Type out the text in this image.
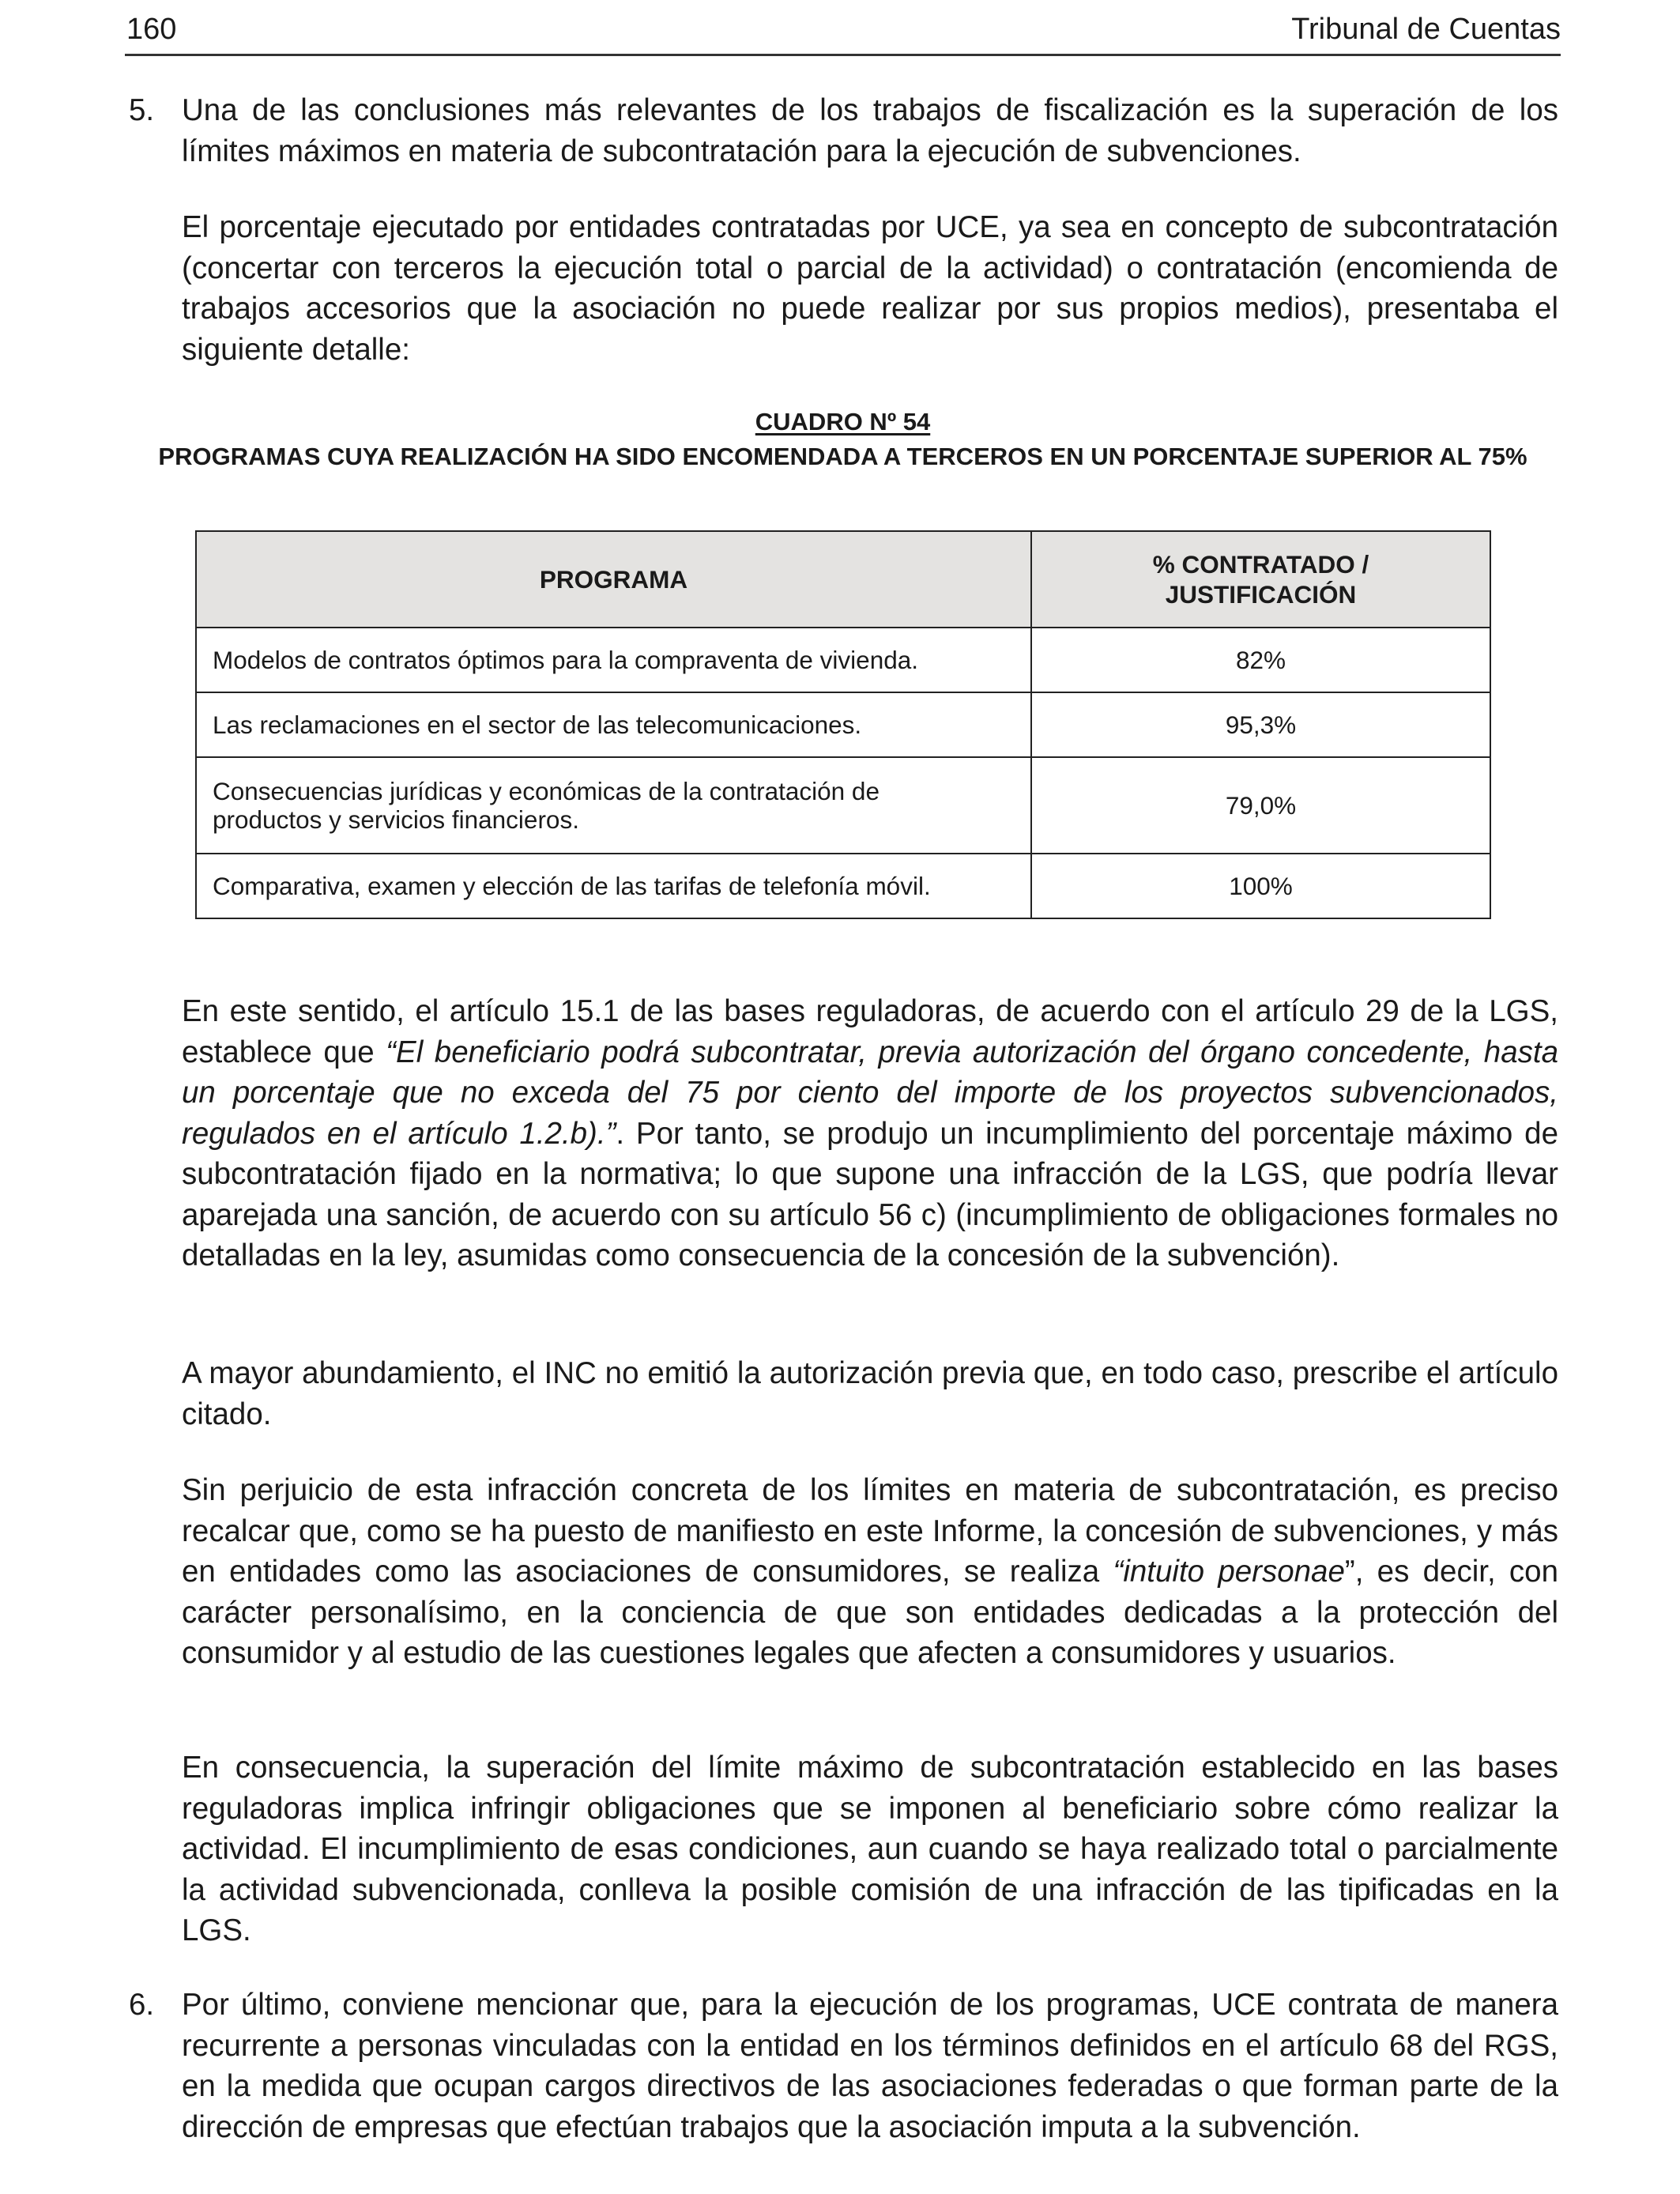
160	Tribunal de Cuentas
5. Una de las conclusiones más relevantes de los trabajos de fiscalización es la superación de los límites máximos en materia de subcontratación para la ejecución de subvenciones.

El porcentaje ejecutado por entidades contratadas por UCE, ya sea en concepto de subcontratación (concertar con terceros la ejecución total o parcial de la actividad) o contratación (encomienda de trabajos accesorios que la asociación no puede realizar por sus propios medios), presentaba el siguiente detalle:

CUADRO Nº 54
PROGRAMAS CUYA REALIZACIÓN HA SIDO ENCOMENDADA A TERCEROS EN UN PORCENTAJE SUPERIOR AL 75%
PROGRAMA	% CONTRATADO / JUSTIFICACIÓN
Modelos de contratos óptimos para la compraventa de vivienda.	82%
Las reclamaciones en el sector de las telecomunicaciones.	95,3%
Consecuencias jurídicas y económicas de la contratación de productos y servicios financieros.	79,0%
Comparativa, examen y elección de las tarifas de telefonía móvil.	100%

En este sentido, el artículo 15.1 de las bases reguladoras, de acuerdo con el artículo 29 de la LGS, establece que “El beneficiario podrá subcontratar, previa autorización del órgano concedente, hasta un porcentaje que no exceda del 75 por ciento del importe de los proyectos subvencionados, regulados en el artículo 1.2.b).”. Por tanto, se produjo un incumplimiento del porcentaje máximo de subcontratación fijado en la normativa; lo que supone una infracción de la LGS, que podría llevar aparejada una sanción, de acuerdo con su artículo 56 c) (incumplimiento de obligaciones formales no detalladas en la ley, asumidas como consecuencia de la concesión de la subvención).

A mayor abundamiento, el INC no emitió la autorización previa que, en todo caso, prescribe el artículo citado.

Sin perjuicio de esta infracción concreta de los límites en materia de subcontratación, es preciso recalcar que, como se ha puesto de manifiesto en este Informe, la concesión de subvenciones, y más en entidades como las asociaciones de consumidores, se realiza “intuito personae”, es decir, con carácter personalísimo, en la conciencia de que son entidades dedicadas a la protección del consumidor y al estudio de las cuestiones legales que afecten a consumidores y usuarios.

En consecuencia, la superación del límite máximo de subcontratación establecido en las bases reguladoras implica infringir obligaciones que se imponen al beneficiario sobre cómo realizar la actividad. El incumplimiento de esas condiciones, aun cuando se haya realizado total o parcialmente la actividad subvencionada, conlleva la posible comisión de una infracción de las tipificadas en la LGS.

6. Por último, conviene mencionar que, para la ejecución de los programas, UCE contrata de manera recurrente a personas vinculadas con la entidad en los términos definidos en el artículo 68 del RGS, en la medida que ocupan cargos directivos de las asociaciones federadas o que forman parte de la dirección de empresas que efectúan trabajos que la asociación imputa a la subvención.
